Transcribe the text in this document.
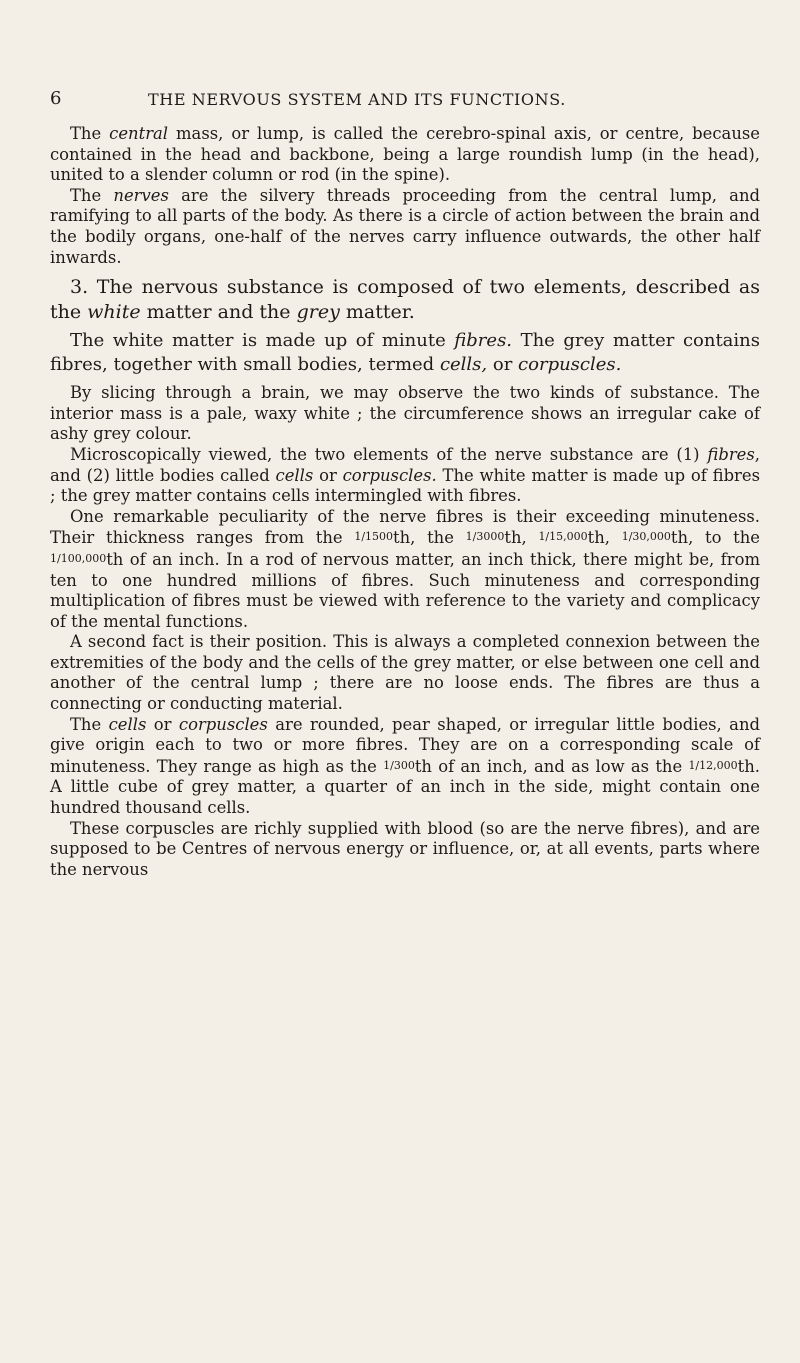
6	THE NERVOUS SYSTEM AND ITS FUNCTIONS.

The central mass, or lump, is called the cerebro-spinal axis, or centre, because contained in the head and backbone, being a large roundish lump (in the head), united to a slender column or rod (in the spine).

The nerves are the silvery threads proceeding from the central lump, and ramifying to all parts of the body. As there is a circle of action between the brain and the bodily organs, one-half of the nerves carry influence outwards, the other half inwards.

3. The nervous substance is composed of two elements, described as the white matter and the grey matter.

The white matter is made up of minute fibres. The grey matter contains fibres, together with small bodies, termed cells, or corpuscles.

By slicing through a brain, we may observe the two kinds of substance. The interior mass is a pale, waxy white ; the circumference shows an irregular cake of ashy grey colour.

Microscopically viewed, the two elements of the nerve substance are (1) fibres, and (2) little bodies called cells or corpuscles. The white matter is made up of fibres ; the grey matter contains cells intermingled with fibres.

One remarkable peculiarity of the nerve fibres is their exceeding minuteness. Their thickness ranges from the 1/1500th, the 1/3000th, 1/15,000th, 1/30,000th, to the 1/100,000th of an inch. In a rod of nervous matter, an inch thick, there might be, from ten to one hundred millions of fibres. Such minuteness and corresponding multiplication of fibres must be viewed with reference to the variety and complicacy of the mental functions.

A second fact is their position. This is always a completed connexion between the extremities of the body and the cells of the grey matter, or else between one cell and another of the central lump ; there are no loose ends. The fibres are thus a connecting or conducting material.

The cells or corpuscles are rounded, pear shaped, or irregular little bodies, and give origin each to two or more fibres. They are on a corresponding scale of minuteness. They range as high as the 1/300th of an inch, and as low as the 1/12,000th. A little cube of grey matter, a quarter of an inch in the side, might contain one hundred thousand cells.

These corpuscles are richly supplied with blood (so are the nerve fibres), and are supposed to be Centres of nervous energy or influence, or, at all events, parts where the nervous
